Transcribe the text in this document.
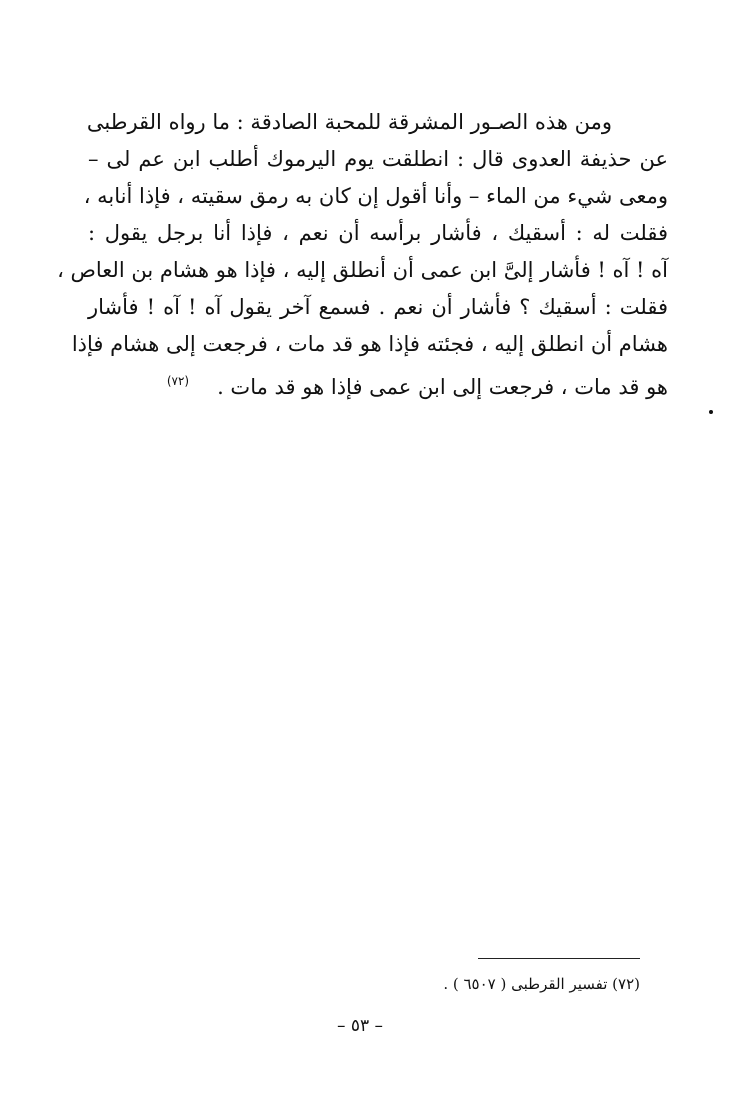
ومن هذه الصـور المشرقة للمحبة الصادقة : ما رواه القرطبى
عن حذيفة العدوى قال : انطلقت يوم اليرموك أطلب ابن عم لى –
ومعى شيء من الماء – وأنا أقول إن كان به رمق سقيته ، فإذا أنابه ،
فقلت له : أسقيك ، فأشار برأسه أن نعم ، فإذا أنا برجل يقول :
آه ! آه ! فأشار إلىَّ ابن عمى أن أنطلق إليه ، فإذا هو هشام بن العاص ،
فقلت : أسقيك ؟ فأشار أن نعم . فسمع آخر يقول آه ! آه ! فأشار
هشام أن انطلق إليه ، فجئته فإذا هو قد مات ، فرجعت إلى هشام فإذا
هو قد مات ، فرجعت إلى ابن عمى فإذا هو قد مات .$^{(٧٢)}$
(٧٢) تفسير القرطبى ( ٦٥٠٧ ) .
– ٥٣ –
